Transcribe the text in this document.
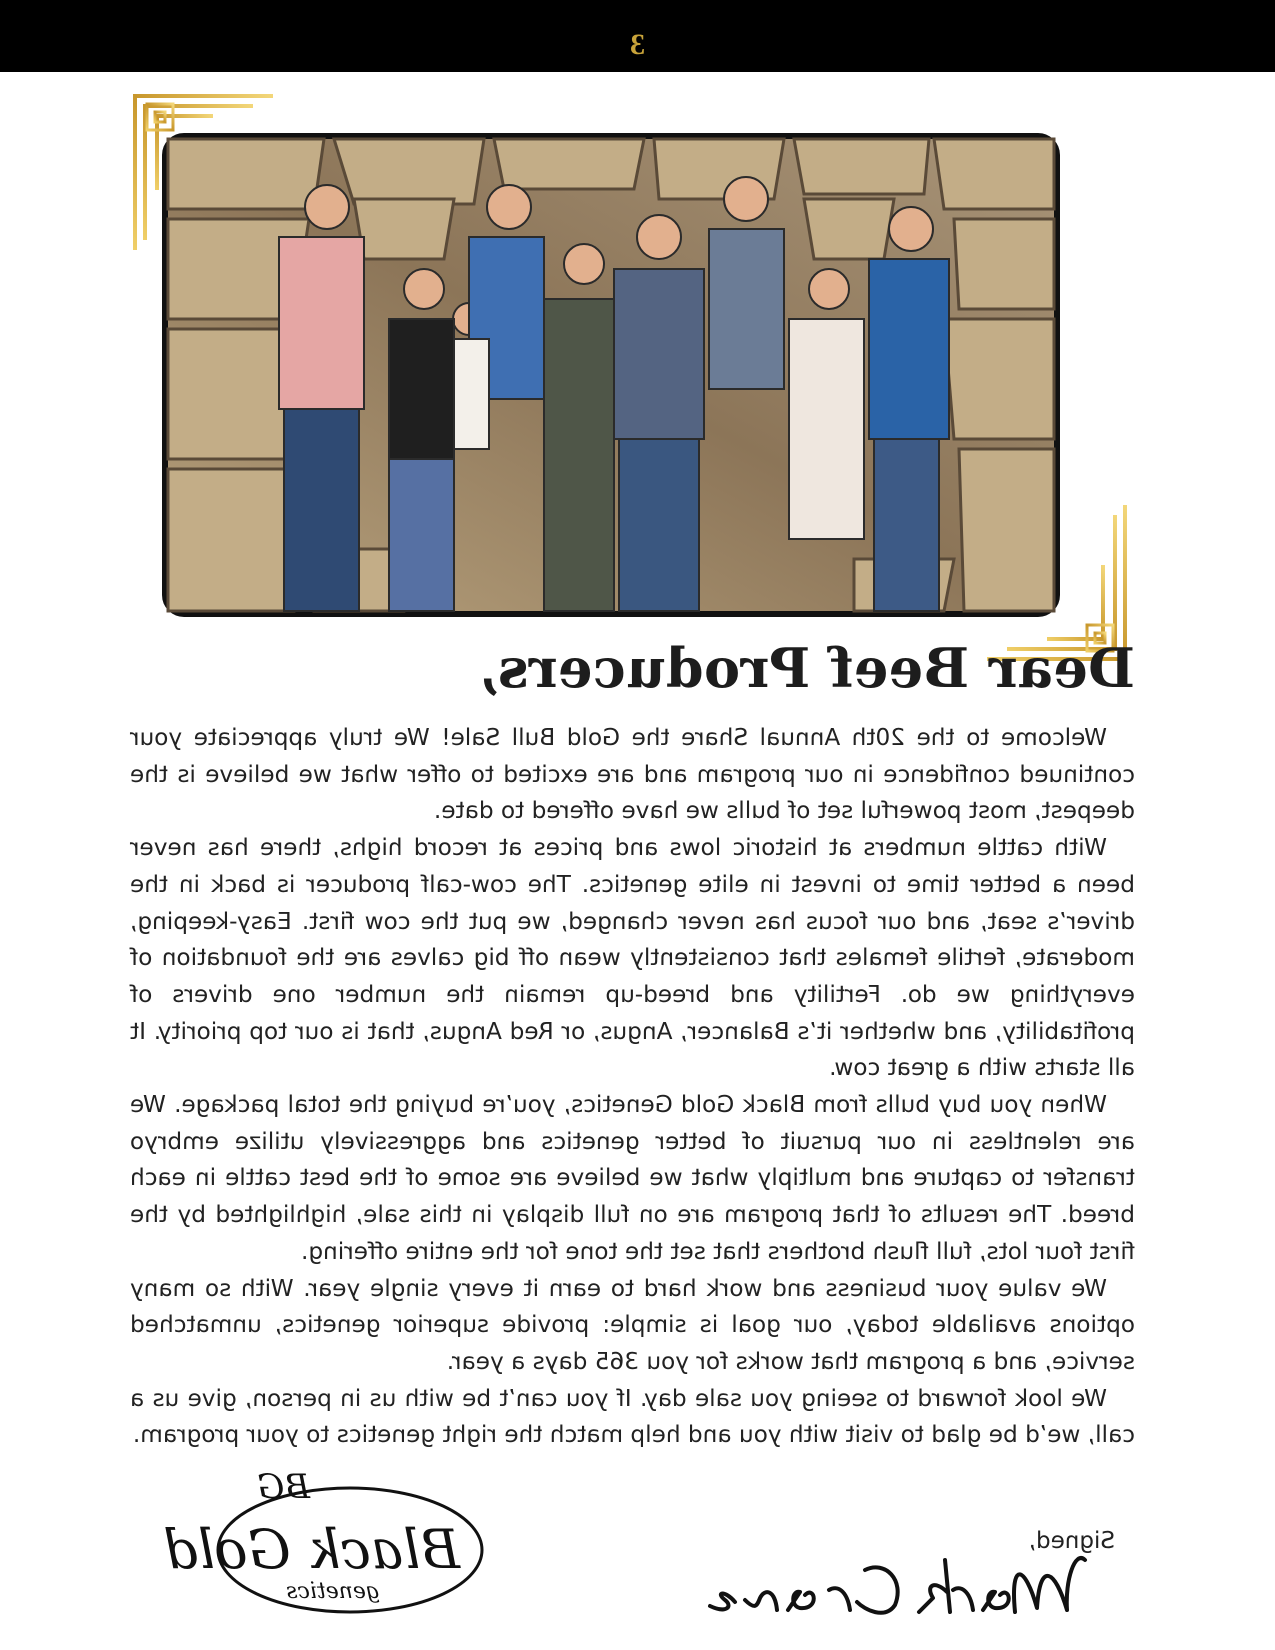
3
Dear Beef Producers,

Welcome to the 20th Annual Share the Gold Bull Sale! We truly appreciate your continued confidence in our program and are excited to offer what we believe is the deepest, most powerful set of bulls we have offered to date.

With cattle numbers at historic lows and prices at record highs, there has never been a better time to invest in elite genetics. The cow-calf producer is back in the driver’s seat, and our focus has never changed, we put the cow first. Easy-keeping, moderate, fertile females that consistently wean off big calves are the foundation of everything we do. Fertility and breed-up remain the number one drivers of profitability, and whether it’s Balancer, Angus, or Red Angus, that is our top priority. It all starts with a great cow.

When you buy bulls from Black Gold Genetics, you’re buying the total package. We are relentless in our pursuit of better genetics and aggressively utilize embryo transfer to capture and multiply what we believe are some of the best cattle in each breed. The results of that program are on full display in this sale, highlighted by the first four lots, full flush brothers that set the tone for the entire offering.

We value your business and work hard to earn it every single year. With so many options available today, our goal is simple: provide superior genetics, unmatched service, and a program that works for you 365 days a year.

We look forward to seeing you sale day. If you can’t be with us in person, give us a call, we’d be glad to visit with you and help match the right genetics to your program.

Signed,
BG
Black Gold
genetics
